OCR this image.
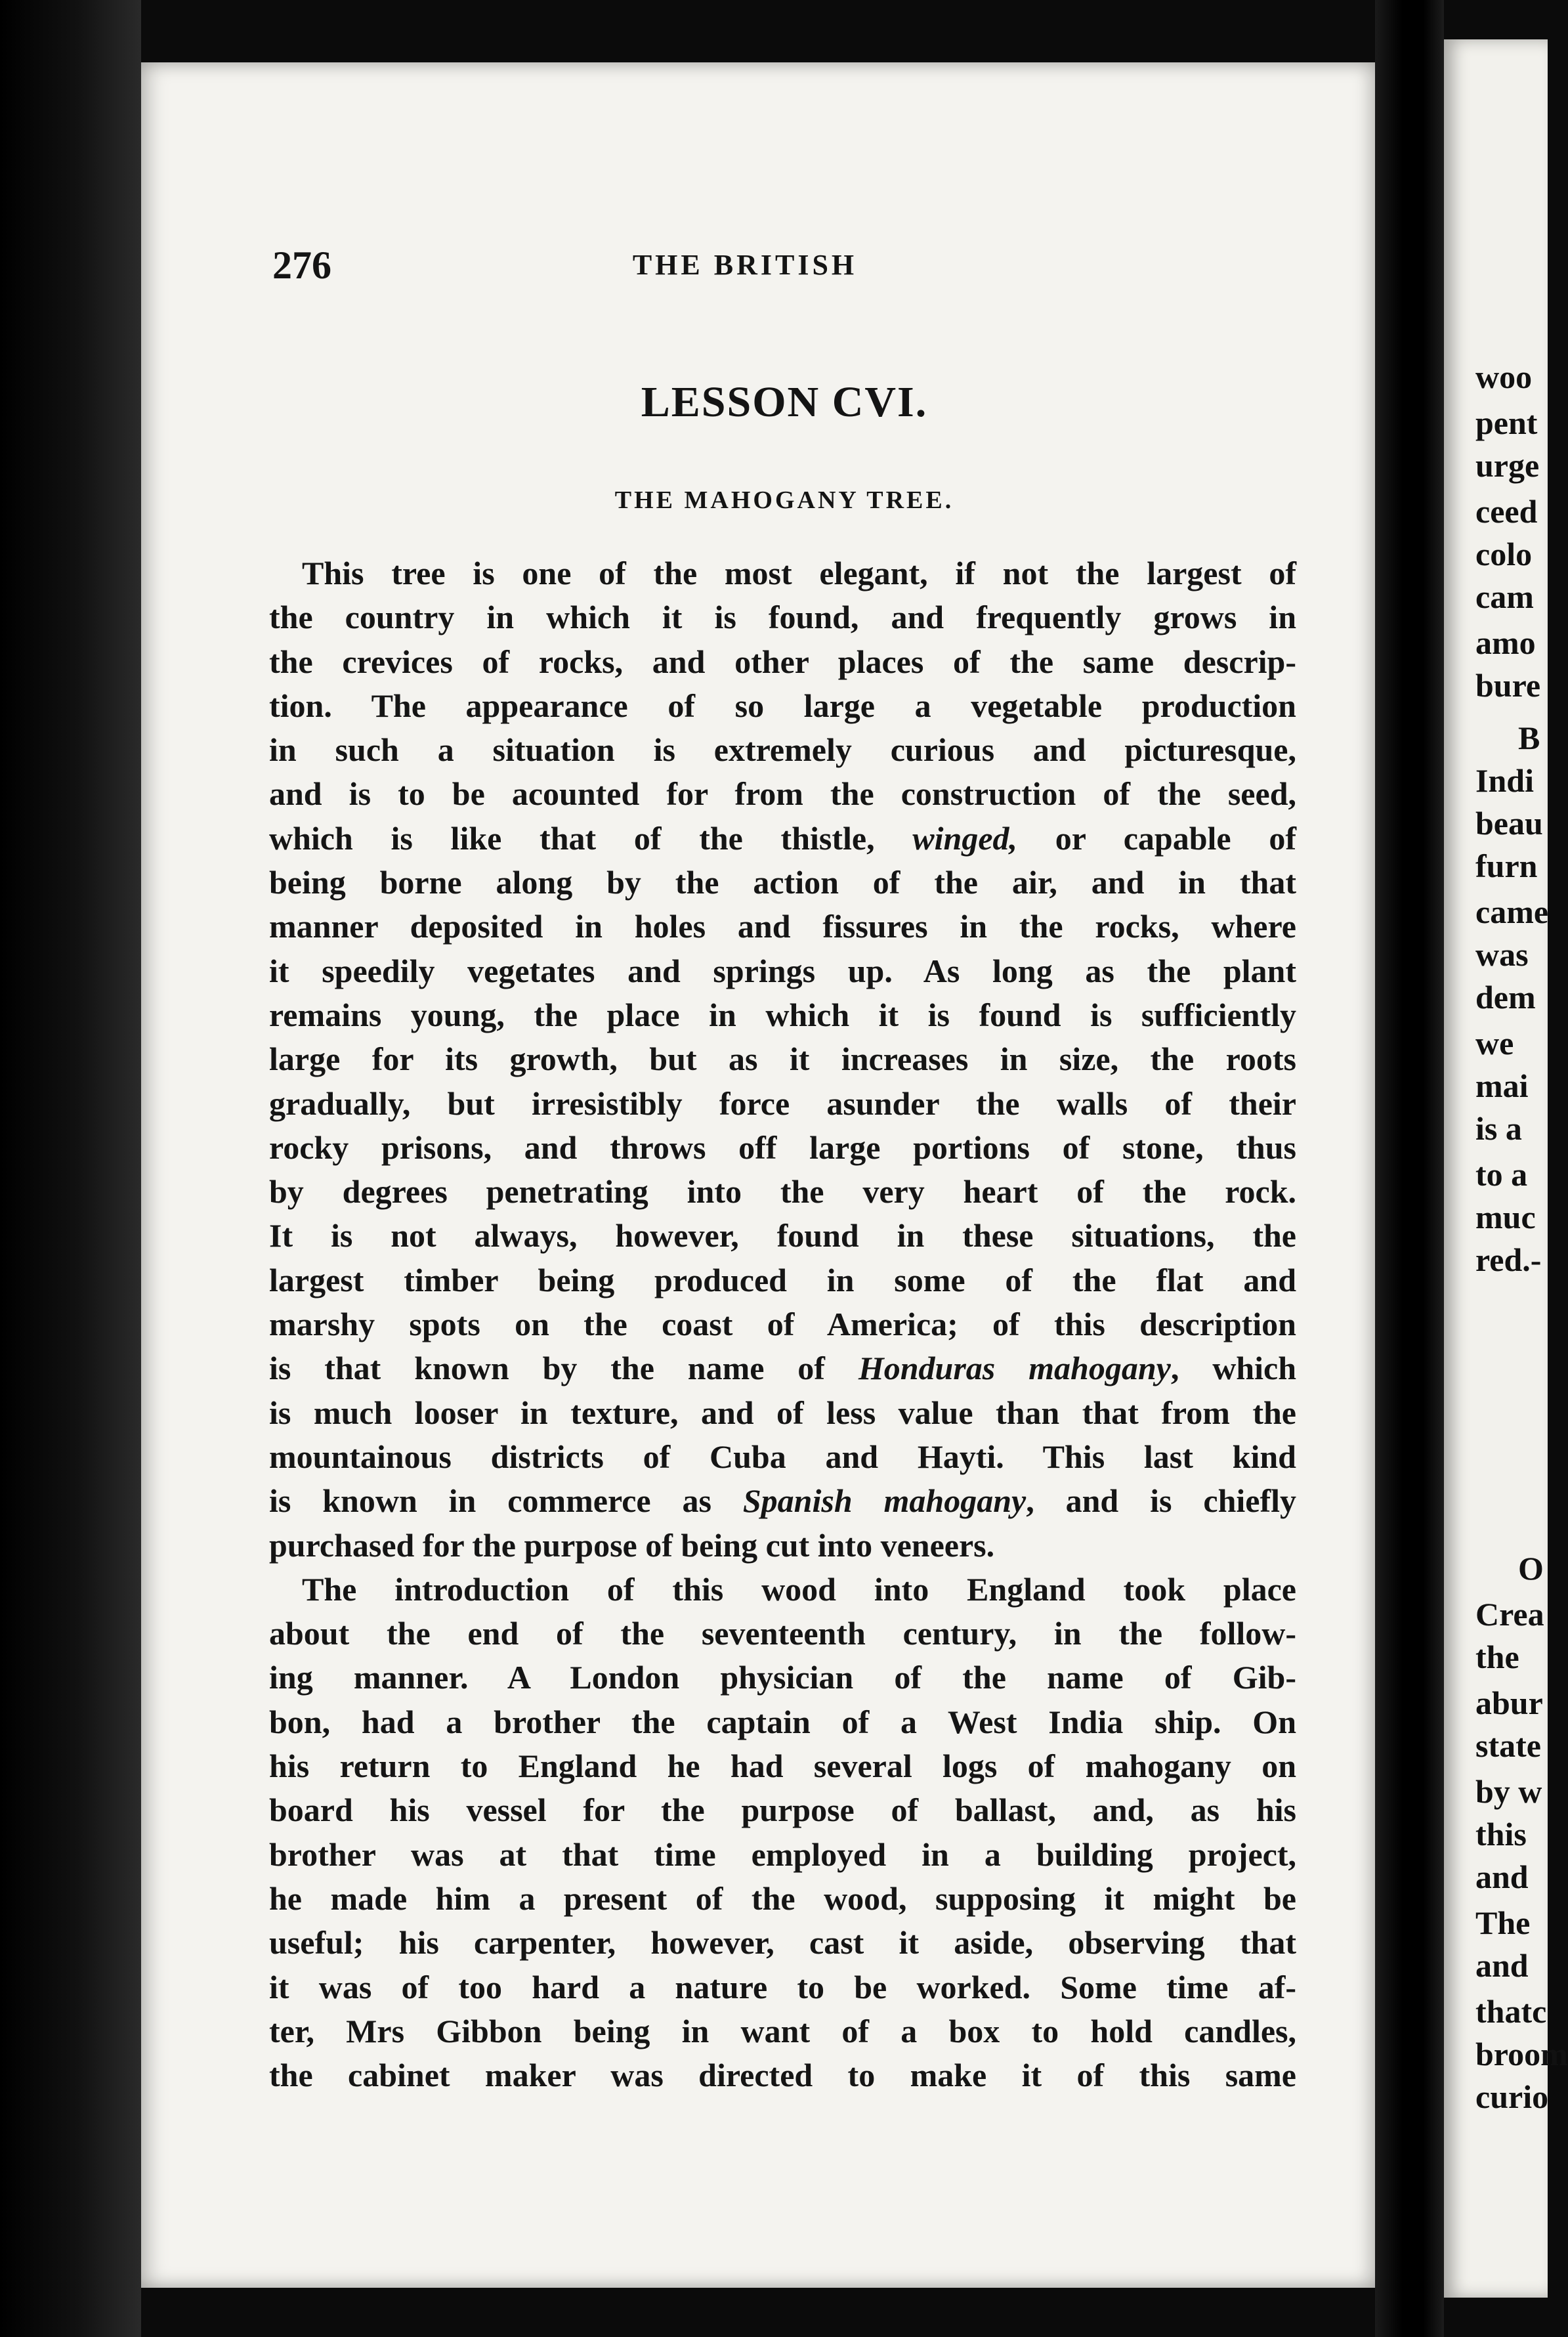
woo
pent
urge
ceed
colo
cam
amo
bure
B
Indi
beau
furn
came
was
dem
we
mai
is a
to a
muc
red.-
O
Crea
the
abur
state
by w
this
and
The
and
thatc
broom
curio
276	THE BRITISH
LESSON CVI.
THE MAHOGANY TREE.
This tree is one of the most elegant, if not the largest of
the country in which it is found, and frequently grows in
the crevices of rocks, and other places of the same descrip-
tion. The appearance of so large a vegetable production
in such a situation is extremely curious and picturesque,
and is to be acounted for from the construction of the seed,
which is like that of the thistle, winged, or capable of
being borne along by the action of the air, and in that
manner deposited in holes and fissures in the rocks, where
it speedily vegetates and springs up. As long as the plant
remains young, the place in which it is found is sufficiently
large for its growth, but as it increases in size, the roots
gradually, but irresistibly force asunder the walls of their
rocky prisons, and throws off large portions of stone, thus
by degrees penetrating into the very heart of the rock.
It is not always, however, found in these situations, the
largest timber being produced in some of the flat and
marshy spots on the coast of America; of this description
is that known by the name of Honduras mahogany, which
is much looser in texture, and of less value than that from the
mountainous districts of Cuba and Hayti. This last kind
is known in commerce as Spanish mahogany, and is chiefly
purchased for the purpose of being cut into veneers.
The introduction of this wood into England took place
about the end of the seventeenth century, in the follow-
ing manner. A London physician of the name of Gib-
bon, had a brother the captain of a West India ship. On
his return to England he had several logs of mahogany on
board his vessel for the purpose of ballast, and, as his
brother was at that time employed in a building project,
he made him a present of the wood, supposing it might be
useful; his carpenter, however, cast it aside, observing that
it was of too hard a nature to be worked. Some time af-
ter, Mrs Gibbon being in want of a box to hold candles,
the cabinet maker was directed to make it of this same
